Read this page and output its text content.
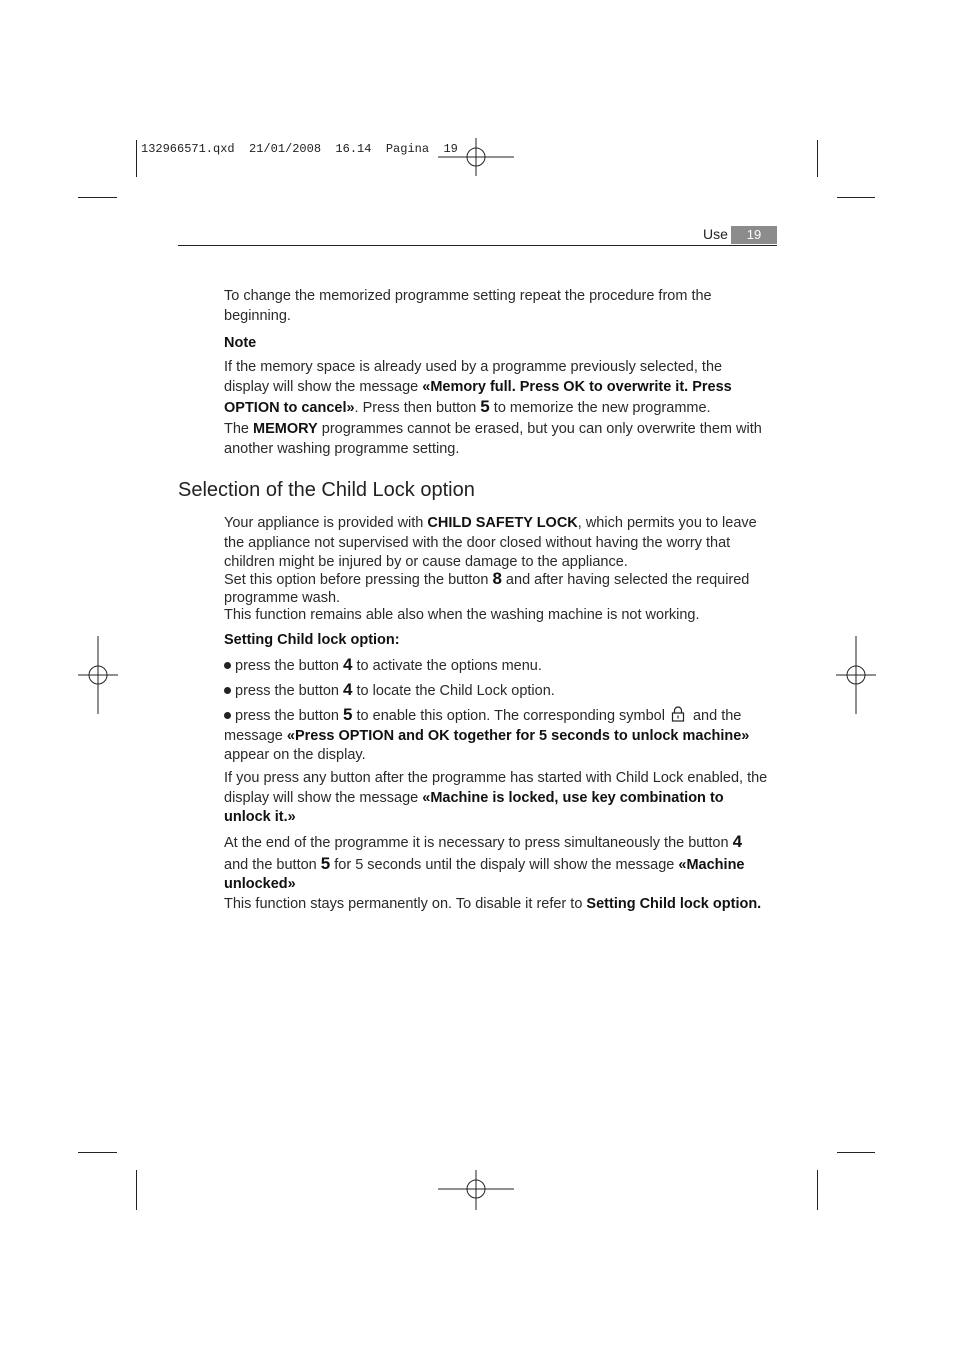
132966571.qxd  21/01/2008  16.14  Pagina  19
Use	19

To change the memorized programme setting repeat the procedure from the beginning.

Note

If the memory space is already used by a programme previously selected, the display will show the message «Memory full. Press OK to overwrite it. Press OPTION to cancel». Press then button 5 to memorize the new programme.

The MEMORY programmes cannot be erased, but you can only overwrite them with another washing programme setting.

Selection of the Child Lock option

Your appliance is provided with CHILD SAFETY LOCK, which permits you to leave the appliance not supervised with the door closed without having the worry that children might be injured by or cause damage to the appliance.

Set this option before pressing the button 8 and after having selected the required programme wash.

This function remains able also when the washing machine is not working.

Setting Child lock option:

press the button 4 to activate the options menu.

press the button 4 to locate the Child Lock option.

press the button 5 to enable this option. The corresponding symbol and the message «Press OPTION and OK together for 5 seconds to unlock machine» appear on the display.

If you press any button after the programme has started with Child Lock enabled, the display will show the message «Machine is locked, use key combination to unlock it.»

At the end of the programme it is necessary to press simultaneously the button 4 and the button 5 for 5 seconds until the dispaly will show the message «Machine unlocked»

This function stays permanently on. To disable it refer to Setting Child lock option.
